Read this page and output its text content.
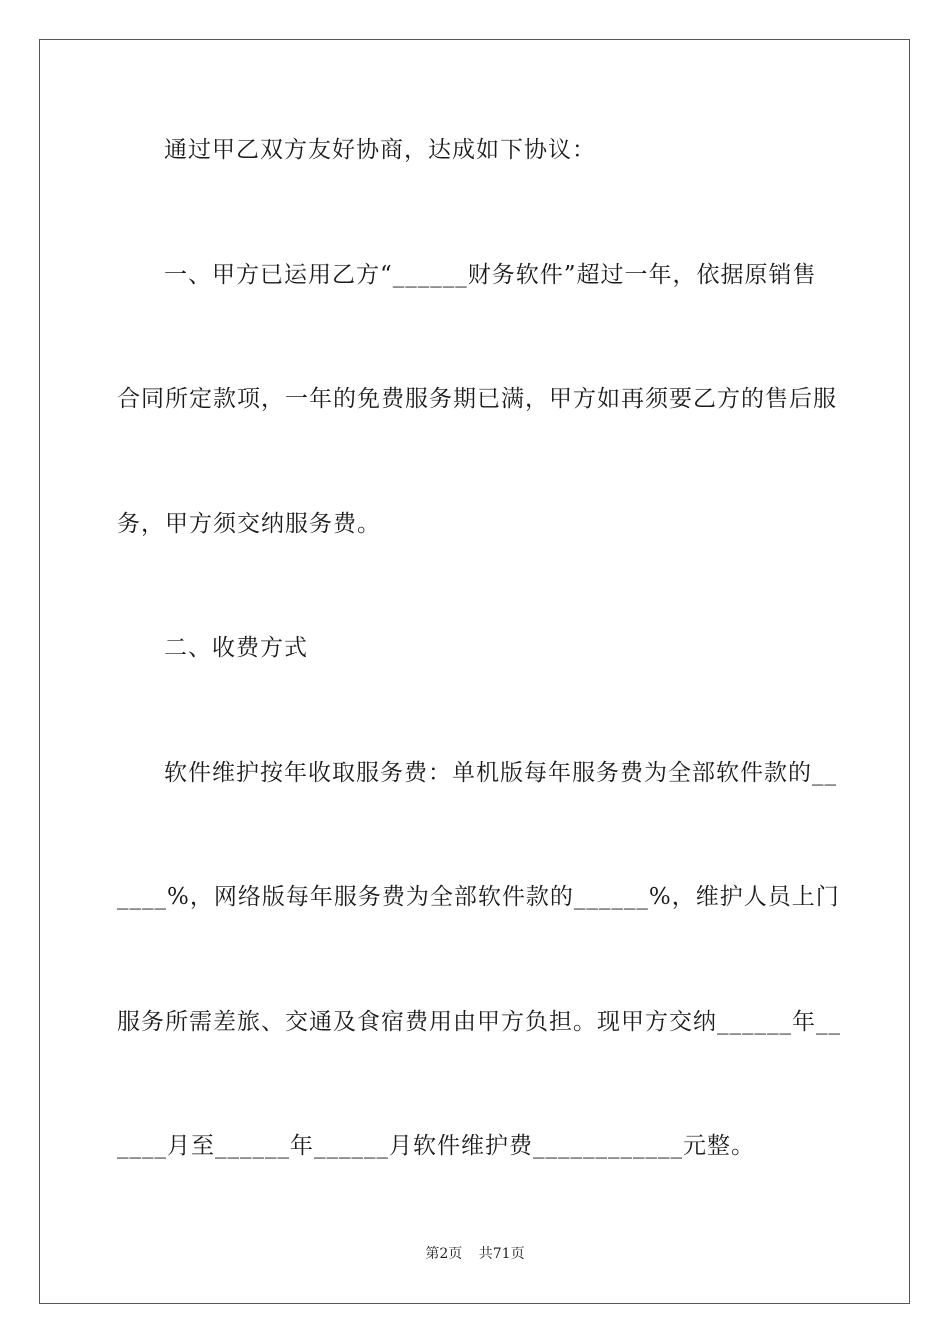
通过甲乙双方友好协商，达成如下协议：
一、甲方已运用乙方“______财务软件”超过一年，依据原销售
合同所定款项，一年的免费服务期已满，甲方如再须要乙方的售后服
务，甲方须交纳服务费。
二、收费方式
软件维护按年收取服务费：单机版每年服务费为全部软件款的__
____%，网络版每年服务费为全部软件款的______%，维护人员上门
服务所需差旅、交通及食宿费用由甲方负担。现甲方交纳______年__
____月至______年______月软件维护费____________元整。
第2页 共71页
